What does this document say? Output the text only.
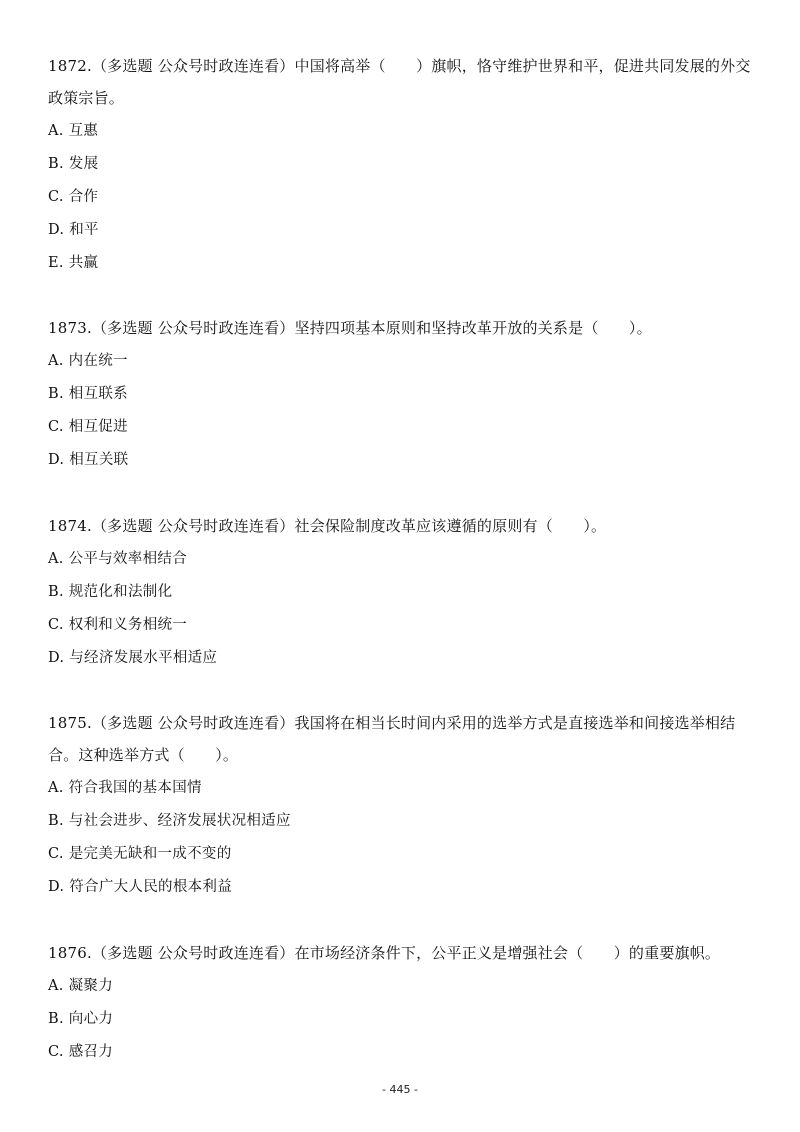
1872.（多选题 公众号时政连连看）中国将高举（　　）旗帜，恪守维护世界和平，促进共同发展的外交政策宗旨。

A. 互惠

B. 发展

C. 合作

D. 和平

E. 共赢

1873.（多选题 公众号时政连连看）坚持四项基本原则和坚持改革开放的关系是（　　）。

A. 内在统一

B. 相互联系

C. 相互促进

D. 相互关联

1874.（多选题 公众号时政连连看）社会保险制度改革应该遵循的原则有（　　）。

A. 公平与效率相结合

B. 规范化和法制化

C. 权利和义务相统一

D. 与经济发展水平相适应

1875.（多选题 公众号时政连连看）我国将在相当长时间内采用的选举方式是直接选举和间接选举相结合。这种选举方式（　　）。

A. 符合我国的基本国情

B. 与社会进步、经济发展状况相适应

C. 是完美无缺和一成不变的

D. 符合广大人民的根本利益

1876.（多选题 公众号时政连连看）在市场经济条件下，公平正义是增强社会（　　）的重要旗帜。

A. 凝聚力

B. 向心力

C. 感召力

- 445 -
